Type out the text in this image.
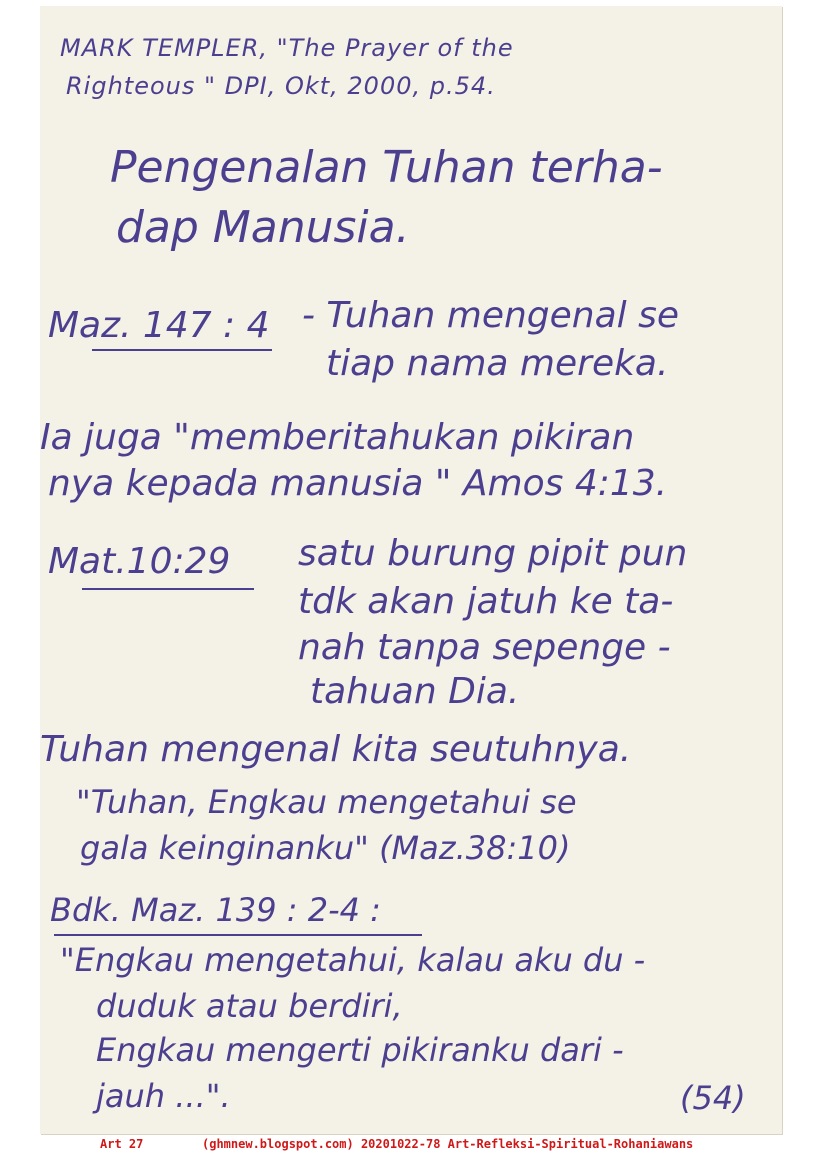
MARK TEMPLER, "The Prayer of the
Righteous " DPI, Okt, 2000, p.54.
Pengenalan Tuhan terha-
dap Manusia.
Maz. 147 : 4 - Tuhan mengenal se
tiap nama mereka.
Ia juga "memberitahukan pikiran
nya kepada manusia " Amos 4:13.
Mat.10:29 satu burung pipit pun
tdk akan jatuh ke ta-
nah tanpa sepenge -
tahuan Dia.
Tuhan mengenal kita seutuhnya.
"Tuhan, Engkau mengetahui se
gala keinginanku" (Maz.38:10)
Bdk. Maz. 139 : 2-4 :
"Engkau mengetahui, kalau aku du -
duduk atau berdiri,
Engkau mengerti pikiranku dari -
jauh ...".	(54)
Art 27	(ghmnew.blogspot.com) 20201022-78 Art-Refleksi-Spiritual-Rohaniawans
